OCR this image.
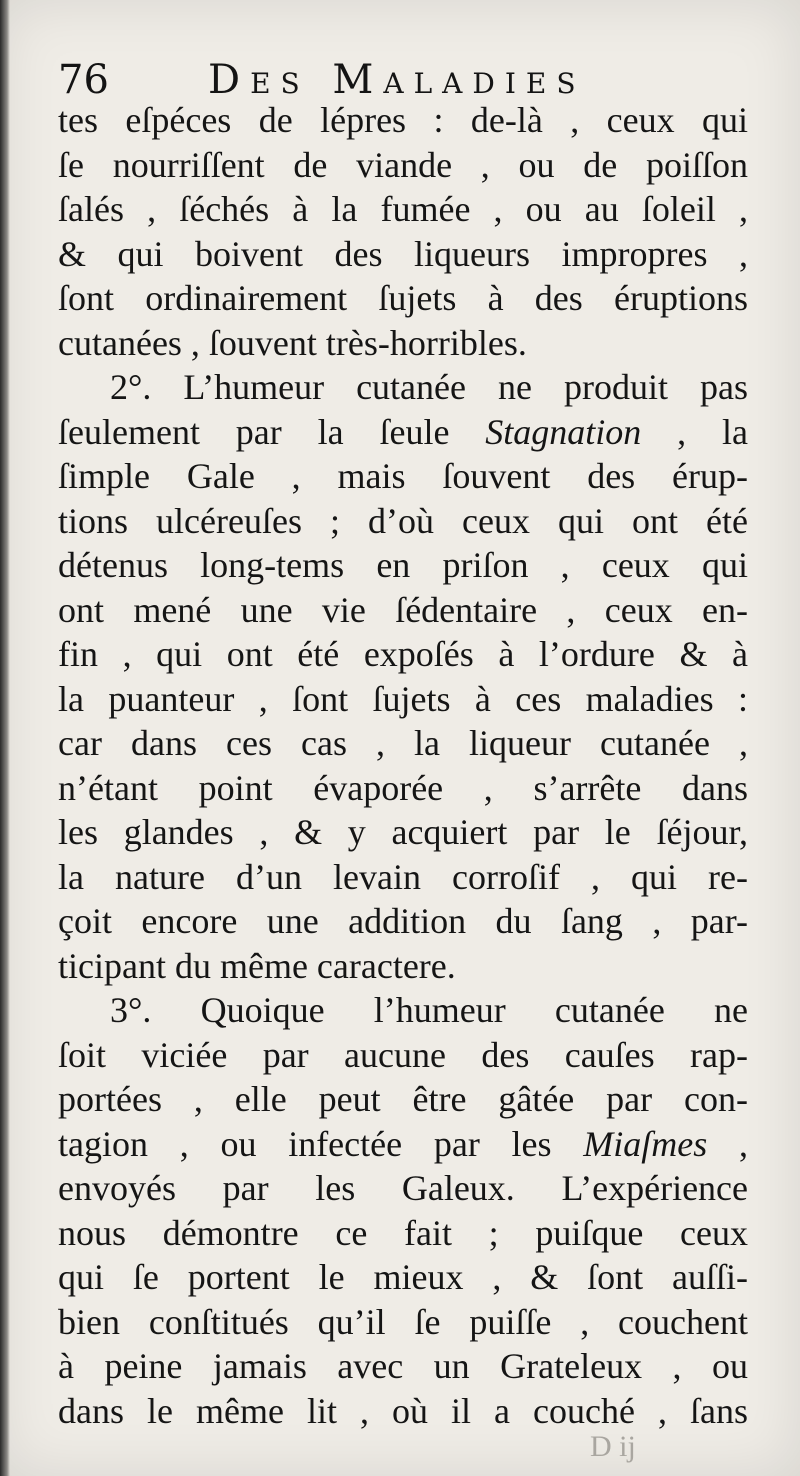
76 Des Maladies
tes eſpéces de lépres : de-là , ceux qui
ſe nourriſſent de viande , ou de poiſſon
ſalés , ſéchés à la fumée , ou au ſoleil ,
& qui boivent des liqueurs impropres ,
ſont ordinairement ſujets à des éruptions
cutanées , ſouvent très-horribles.
2°. L’humeur cutanée ne produit pas
ſeulement par la ſeule Stagnation , la
ſimple Gale , mais ſouvent des érup-
tions ulcéreuſes ; d’où ceux qui ont été
détenus long-tems en priſon , ceux qui
ont mené une vie ſédentaire , ceux en-
fin , qui ont été expoſés à l’ordure & à
la puanteur , ſont ſujets à ces maladies :
car dans ces cas , la liqueur cutanée ,
n’étant point évaporée , s’arrête dans
les glandes , & y acquiert par le ſéjour,
la nature d’un levain corroſif , qui re-
çoit encore une addition du ſang , par-
ticipant du même caractere.
3°. Quoique l’humeur cutanée ne
ſoit viciée par aucune des cauſes rap-
portées , elle peut être gâtée par con-
tagion , ou infectée par les Miaſmes ,
envoyés par les Galeux. L’expérience
nous démontre ce fait ; puiſque ceux
qui ſe portent le mieux , & ſont auſſi-
bien conſtitués qu’il ſe puiſſe , couchent
à peine jamais avec un Grateleux , ou
dans le même lit , où il a couché , ſans
D ij
